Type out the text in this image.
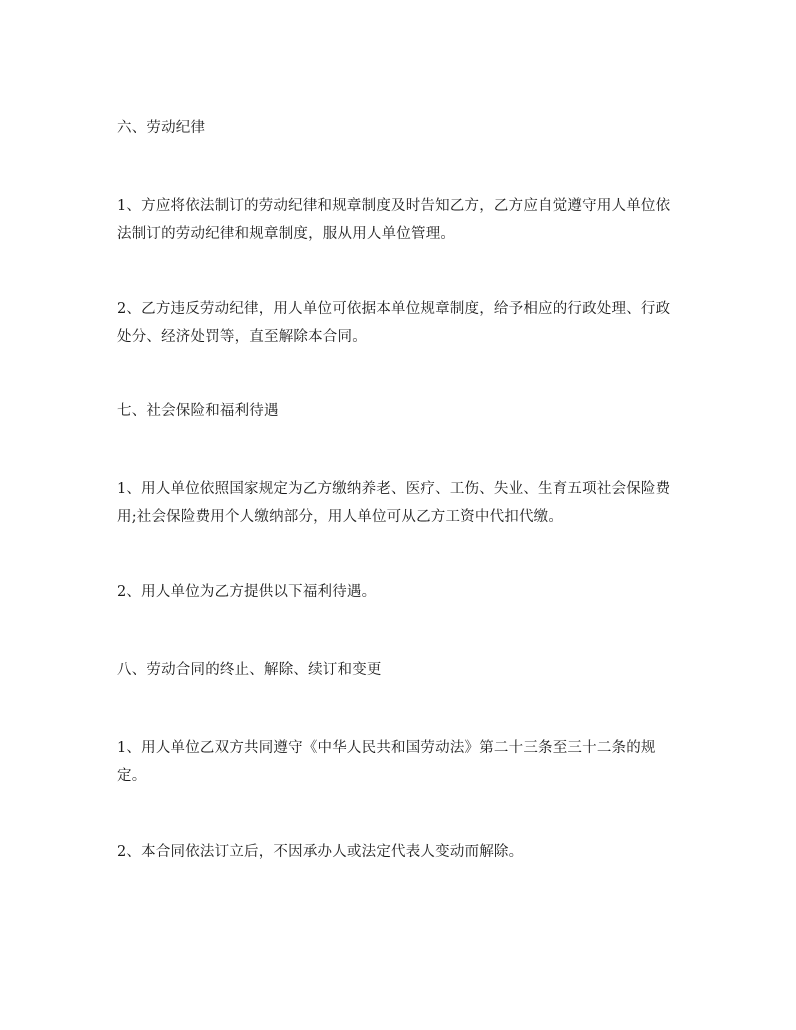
六、劳动纪律

1、方应将依法制订的劳动纪律和规章制度及时告知乙方，乙方应自觉遵守用人单位依法制订的劳动纪律和规章制度，服从用人单位管理。

2、乙方违反劳动纪律，用人单位可依据本单位规章制度，给予相应的行政处理、行政处分、经济处罚等，直至解除本合同。

七、社会保险和福利待遇

1、用人单位依照国家规定为乙方缴纳养老、医疗、工伤、失业、生育五项社会保险费用;社会保险费用个人缴纳部分，用人单位可从乙方工资中代扣代缴。

2、用人单位为乙方提供以下福利待遇。

八、劳动合同的终止、解除、续订和变更

1、用人单位乙双方共同遵守《中华人民共和国劳动法》第二十三条至三十二条的规定。

2、本合同依法订立后，不因承办人或法定代表人变动而解除。
